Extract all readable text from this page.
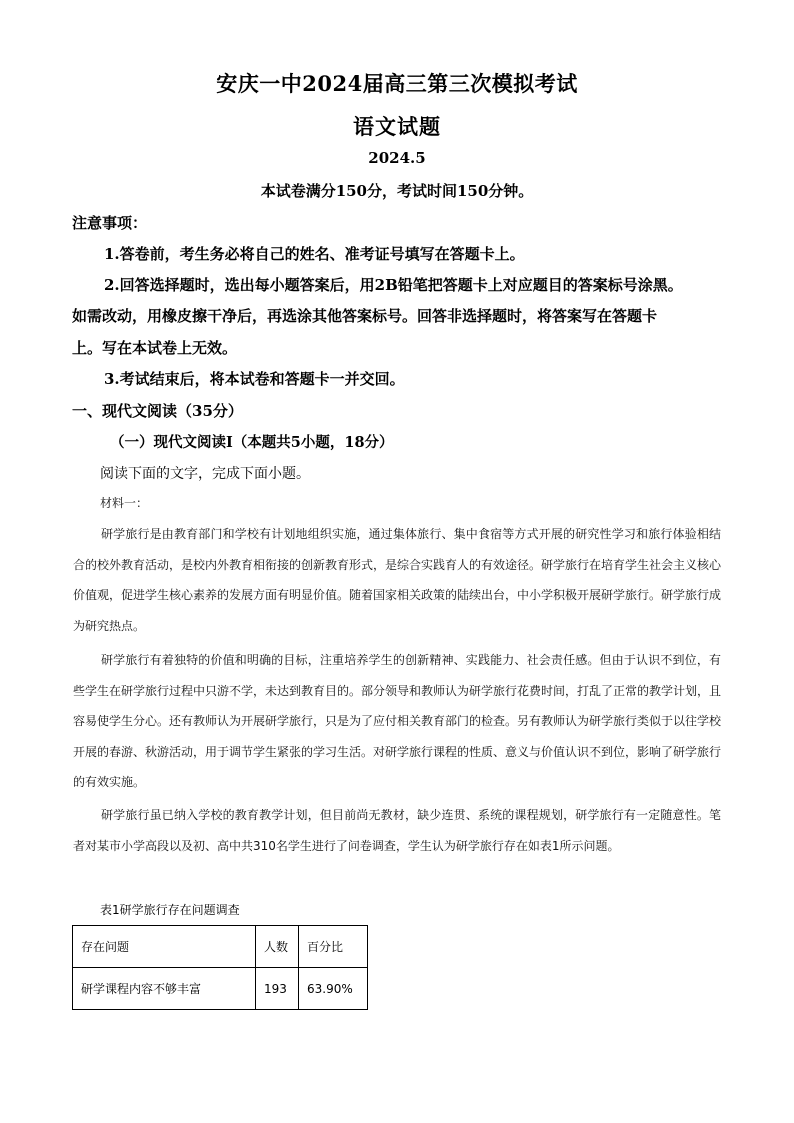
安庆一中2024届高三第三次模拟考试
语文试题
2024.5
本试卷满分150分，考试时间150分钟。
注意事项：
1.答卷前，考生务必将自己的姓名、准考证号填写在答题卡上。
2.回答选择题时，选出每小题答案后，用2B铅笔把答题卡上对应题目的答案标号涂黑。
如需改动，用橡皮擦干净后，再选涂其他答案标号。回答非选择题时，将答案写在答题卡
上。写在本试卷上无效。
3.考试结束后，将本试卷和答题卡一并交回。
一、现代文阅读（35分）
（一）现代文阅读Ⅰ（本题共5小题，18分）
阅读下面的文字，完成下面小题。
材料一：

研学旅行是由教育部门和学校有计划地组织实施，通过集体旅行、集中食宿等方式开展的研究性学习和旅行体验相结合的校外教育活动，是校内外教育相衔接的创新教育形式，是综合实践育人的有效途径。研学旅行在培育学生社会主义核心价值观，促进学生核心素养的发展方面有明显价值。随着国家相关政策的陆续出台，中小学积极开展研学旅行。研学旅行成为研究热点。

研学旅行有着独特的价值和明确的目标，注重培养学生的创新精神、实践能力、社会责任感。但由于认识不到位，有些学生在研学旅行过程中只游不学，未达到教育目的。部分领导和教师认为研学旅行花费时间，打乱了正常的教学计划，且容易使学生分心。还有教师认为开展研学旅行，只是为了应付相关教育部门的检查。另有教师认为研学旅行类似于以往学校开展的春游、秋游活动，用于调节学生紧张的学习生活。对研学旅行课程的性质、意义与价值认识不到位，影响了研学旅行的有效实施。

研学旅行虽已纳入学校的教育教学计划，但目前尚无教材，缺少连贯、系统的课程规划，研学旅行有一定随意性。笔者对某市小学高段以及初、高中共310名学生进行了问卷调查，学生认为研学旅行存在如表1所示问题。

表1研学旅行存在问题调查
存在问题	人数	百分比
研学课程内容不够丰富	193	63.90%
